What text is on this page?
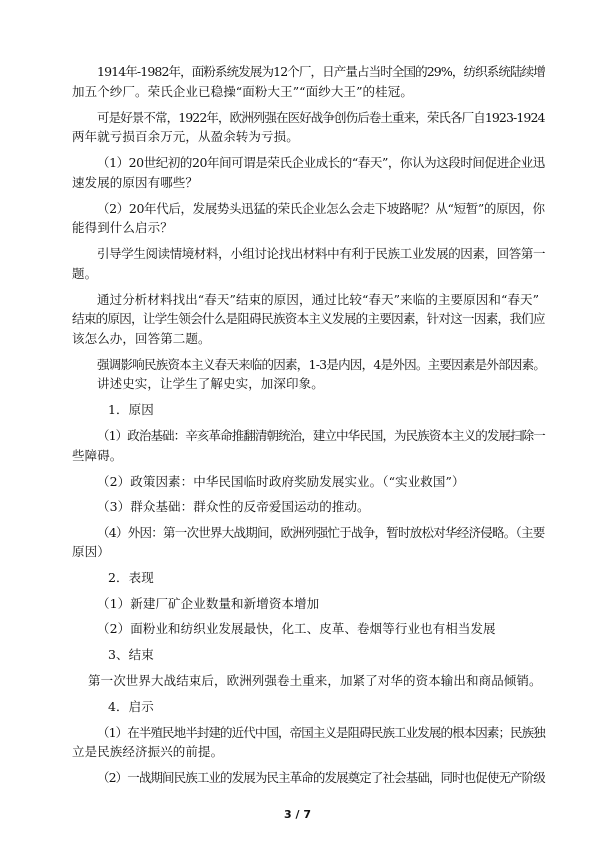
1914年-1982年，面粉系统发展为12个厂，日产量占当时全国的29%，纺织系统陆续增
加五个纱厂。荣氏企业已稳操“面粉大王”“面纱大王”的桂冠。
可是好景不常，1922年，欧洲列强在医好战争创伤后卷土重来，荣氏各厂自1923-1924
两年就亏损百余万元，从盈余转为亏损。
（1）20世纪初的20年间可谓是荣氏企业成长的“春天”，你认为这段时间促进企业迅
速发展的原因有哪些？
（2）20年代后，发展势头迅猛的荣氏企业怎么会走下坡路呢？从“短暂”的原因，你
能得到什么启示？
引导学生阅读情境材料，小组讨论找出材料中有利于民族工业发展的因素，回答第一
题。
通过分析材料找出“春天”结束的原因，通过比较“春天”来临的主要原因和“春天”
结束的原因，让学生领会什么是阻碍民族资本主义发展的主要因素，针对这一因素，我们应
该怎么办，回答第二题。
强调影响民族资本主义春天来临的因素，1-3是内因，4是外因。主要因素是外部因素。
讲述史实，让学生了解史实，加深印象。
1．原因
（1）政治基础：辛亥革命推翻清朝统治，建立中华民国，为民族资本主义的发展扫除一
些障碍。
（2）政策因素：中华民国临时政府奖励发展实业。（“实业救国”）
（3）群众基础：群众性的反帝爱国运动的推动。
（4）外因：第一次世界大战期间，欧洲列强忙于战争，暂时放松对华经济侵略。（主要
原因）
2．表现
（1）新建厂矿企业数量和新增资本增加
（2）面粉业和纺织业发展最快，化工、皮革、卷烟等行业也有相当发展
3、结束
第一次世界大战结束后，欧洲列强卷土重来，加紧了对华的资本输出和商品倾销。
4．启示
（1）在半殖民地半封建的近代中国，帝国主义是阻碍民族工业发展的根本因素；民族独
立是民族经济振兴的前提。
（2）一战期间民族工业的发展为民主革命的发展奠定了社会基础，同时也促使无产阶级
3 / 7
